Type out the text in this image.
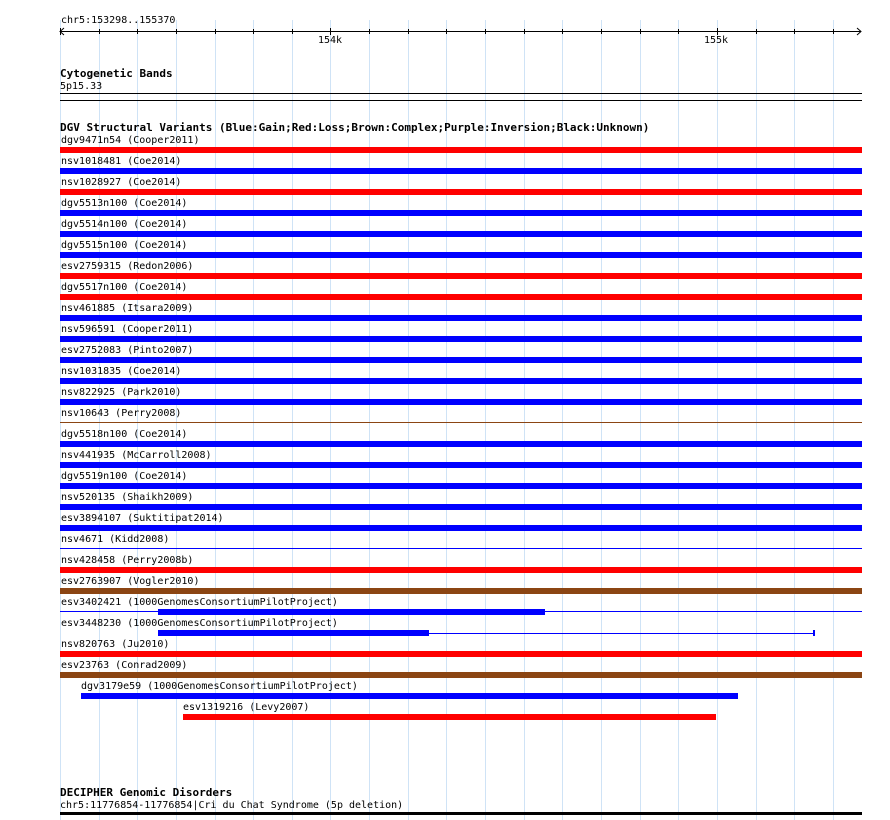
chr5:153298..155370
154k	155k
Cytogenetic Bands
5p15.33
DGV Structural Variants (Blue:Gain;Red:Loss;Brown:Complex;Purple:Inversion;Black:Unknown)
dgv9471n54 (Cooper2011)
nsv1018481 (Coe2014)
nsv1028927 (Coe2014)
dgv5513n100 (Coe2014)
dgv5514n100 (Coe2014)
dgv5515n100 (Coe2014)
esv2759315 (Redon2006)
dgv5517n100 (Coe2014)
nsv461885 (Itsara2009)
nsv596591 (Cooper2011)
esv2752083 (Pinto2007)
nsv1031835 (Coe2014)
nsv822925 (Park2010)
nsv10643 (Perry2008)
dgv5518n100 (Coe2014)
nsv441935 (McCarroll2008)
dgv5519n100 (Coe2014)
nsv520135 (Shaikh2009)
esv3894107 (Suktitipat2014)
nsv4671 (Kidd2008)
nsv428458 (Perry2008b)
esv2763907 (Vogler2010)
esv3402421 (1000GenomesConsortiumPilotProject)
esv3448230 (1000GenomesConsortiumPilotProject)
nsv820763 (Ju2010)
esv23763 (Conrad2009)
dgv3179e59 (1000GenomesConsortiumPilotProject)
esv1319216 (Levy2007)
DECIPHER Genomic Disorders
chr5:11776854-11776854|Cri du Chat Syndrome (5p deletion)
